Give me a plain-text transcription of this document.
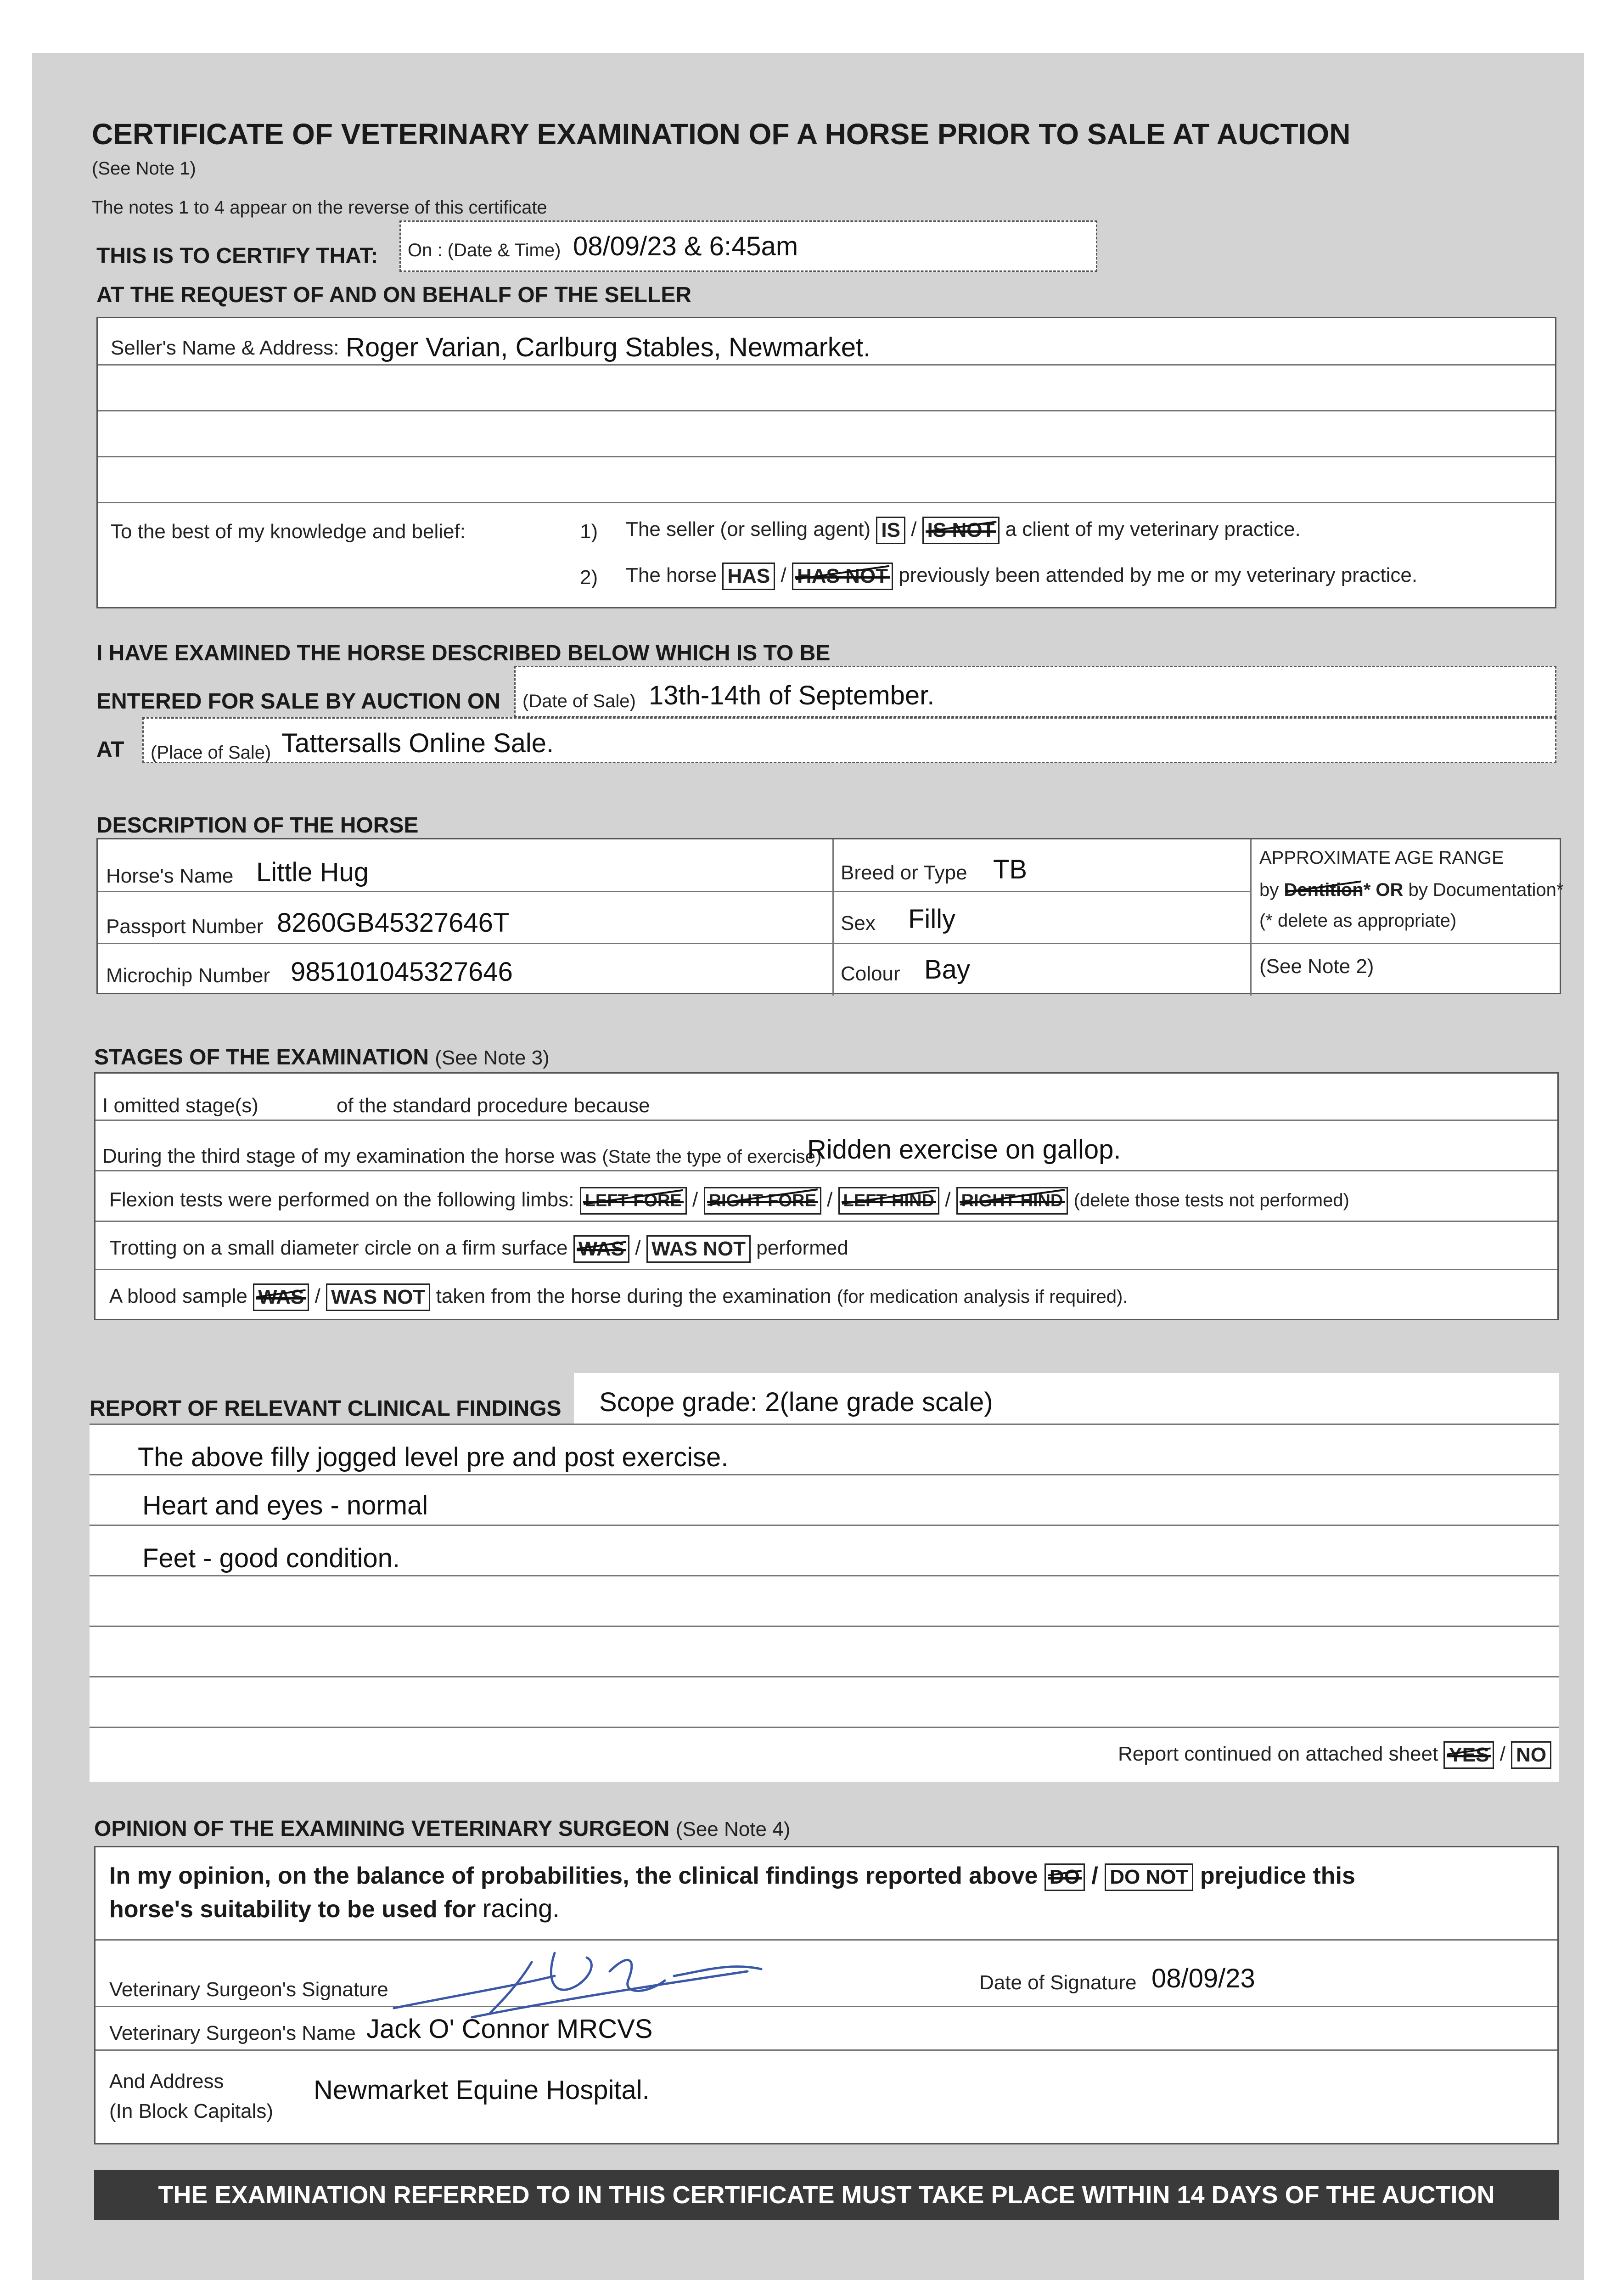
CERTIFICATE OF VETERINARY EXAMINATION OF A HORSE PRIOR TO SALE AT AUCTION
(See Note 1)
The notes 1 to 4 appear on the reverse of this certificate
THIS IS TO CERTIFY THAT: On : (Date & Time) 08/09/23 & 6:45am
AT THE REQUEST OF AND ON BEHALF OF THE SELLER
Seller's Name & Address: Roger Varian, Carlburg Stables, Newmarket.
To the best of my knowledge and belief:	1) The seller (or selling agent) IS / IS NOT a client of my veterinary practice.
2) The horse HAS / HAS NOT previously been attended by me or my veterinary practice.
I HAVE EXAMINED THE HORSE DESCRIBED BELOW WHICH IS TO BE
ENTERED FOR SALE BY AUCTION ON (Date of Sale) 13th-14th of September.
AT (Place of Sale) Tattersalls Online Sale.
DESCRIPTION OF THE HORSE
Horse's Name Little Hug
Passport Number 8260GB45327646T
Microchip Number 985101045327646
Breed or Type TB
Sex Filly
Colour Bay
APPROXIMATE AGE RANGE
by Dentition* OR by Documentation*
(* delete as appropriate)
(See Note 2)
STAGES OF THE EXAMINATION (See Note 3)
I omitted stage(s)	of the standard procedure because
During the third stage of my examination the horse was (State the type of exercise)
Ridden exercise on gallop.
Flexion tests were performed on the following limbs: LEFT FORE / RIGHT FORE / LEFT HIND / RIGHT HIND (delete those tests not performed)
Trotting on a small diameter circle on a firm surface WAS / WAS NOT performed
A blood sample WAS / WAS NOT taken from the horse during the examination (for medication analysis if required).
REPORT OF RELEVANT CLINICAL FINDINGS Scope grade: 2(lane grade scale)
The above filly jogged level pre and post exercise.
Heart and eyes - normal
Feet - good condition.
Report continued on attached sheet YES / NO
OPINION OF THE EXAMINING VETERINARY SURGEON (See Note 4)
In my opinion, on the balance of probabilities, the clinical findings reported above DO / DO NOT prejudice this
horse's suitability to be used for racing.
Veterinary Surgeon's Signature	Date of Signature 08/09/23
Veterinary Surgeon's Name Jack O' Connor MRCVS
And Address
(In Block Capitals)
Newmarket Equine Hospital.
THE EXAMINATION REFERRED TO IN THIS CERTIFICATE MUST TAKE PLACE WITHIN 14 DAYS OF THE AUCTION
